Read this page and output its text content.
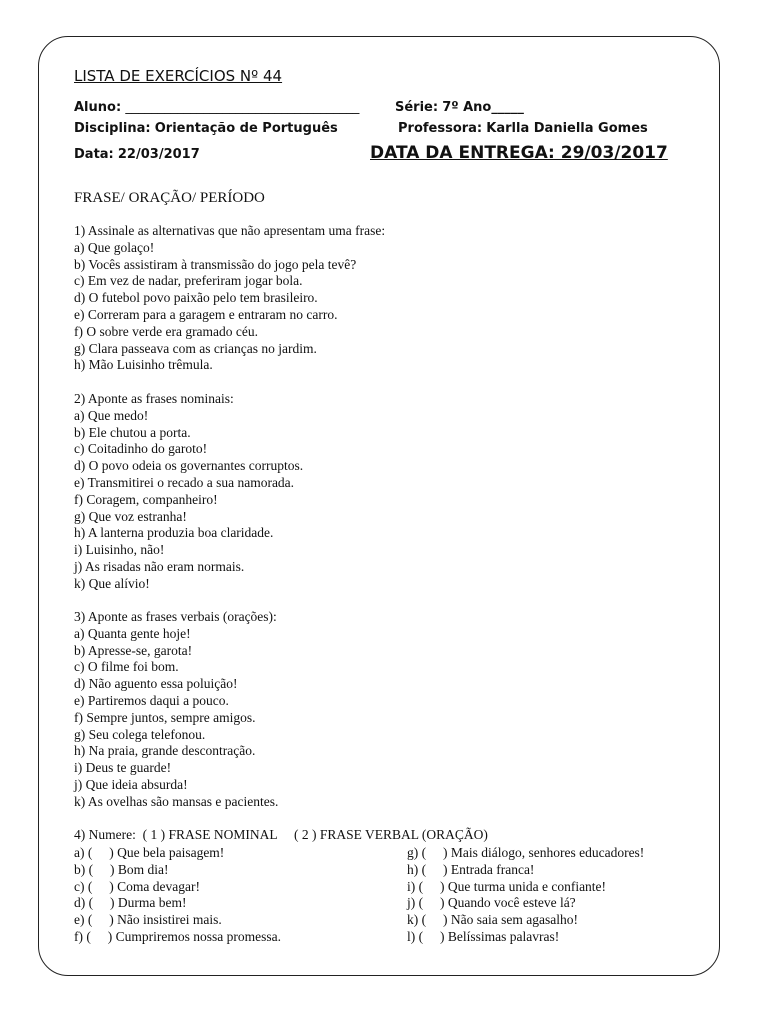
LISTA DE EXERCÍCIOS Nº 44
Aluno: ____________________________________	Série: 7º Ano_____
Disciplina: Orientação de Português	Professora: Karlla Daniella Gomes
Data: 22/03/2017	DATA DA ENTREGA: 29/03/2017
FRASE/ ORAÇÃO/ PERÍODO
1) Assinale as alternativas que não apresentam uma frase:
a) Que golaço!
b) Vocês assistiram à transmissão do jogo pela tevê?
c) Em vez de nadar, preferiram jogar bola.
d) O futebol povo paixão pelo tem brasileiro.
e) Correram para a garagem e entraram no carro.
f) O sobre verde era gramado céu.
g) Clara passeava com as crianças no jardim.
h) Mão Luisinho trêmula.
2) Aponte as frases nominais:
a) Que medo!
b) Ele chutou a porta.
c) Coitadinho do garoto!
d) O povo odeia os governantes corruptos.
e) Transmitirei o recado a sua namorada.
f) Coragem, companheiro!
g) Que voz estranha!
h) A lanterna produzia boa claridade.
i) Luisinho, não!
j) As risadas não eram normais.
k) Que alívio!
3) Aponte as frases verbais (orações):
a) Quanta gente hoje!
b) Apresse-se, garota!
c) O filme foi bom.
d) Não aguento essa poluição!
e) Partiremos daqui a pouco.
f) Sempre juntos, sempre amigos.
g) Seu colega telefonou.
h) Na praia, grande descontração.
i) Deus te guarde!
j) Que ideia absurda!
k) As ovelhas são mansas e pacientes.
4) Numere:  ( 1 ) FRASE NOMINAL     ( 2 ) FRASE VERBAL (ORAÇÃO)
a) (     ) Que bela paisagem!
b) (     ) Bom dia!
c) (     ) Coma devagar!
d) (     ) Durma bem!
e) (     ) Não insistirei mais.
f) (     ) Cumpriremos nossa promessa.
g) (     ) Mais diálogo, senhores educadores!
h) (     ) Entrada franca!
i) (     ) Que turma unida e confiante!
j) (     ) Quando você esteve lá?
k) (     ) Não saia sem agasalho!
l) (     ) Belíssimas palavras!
